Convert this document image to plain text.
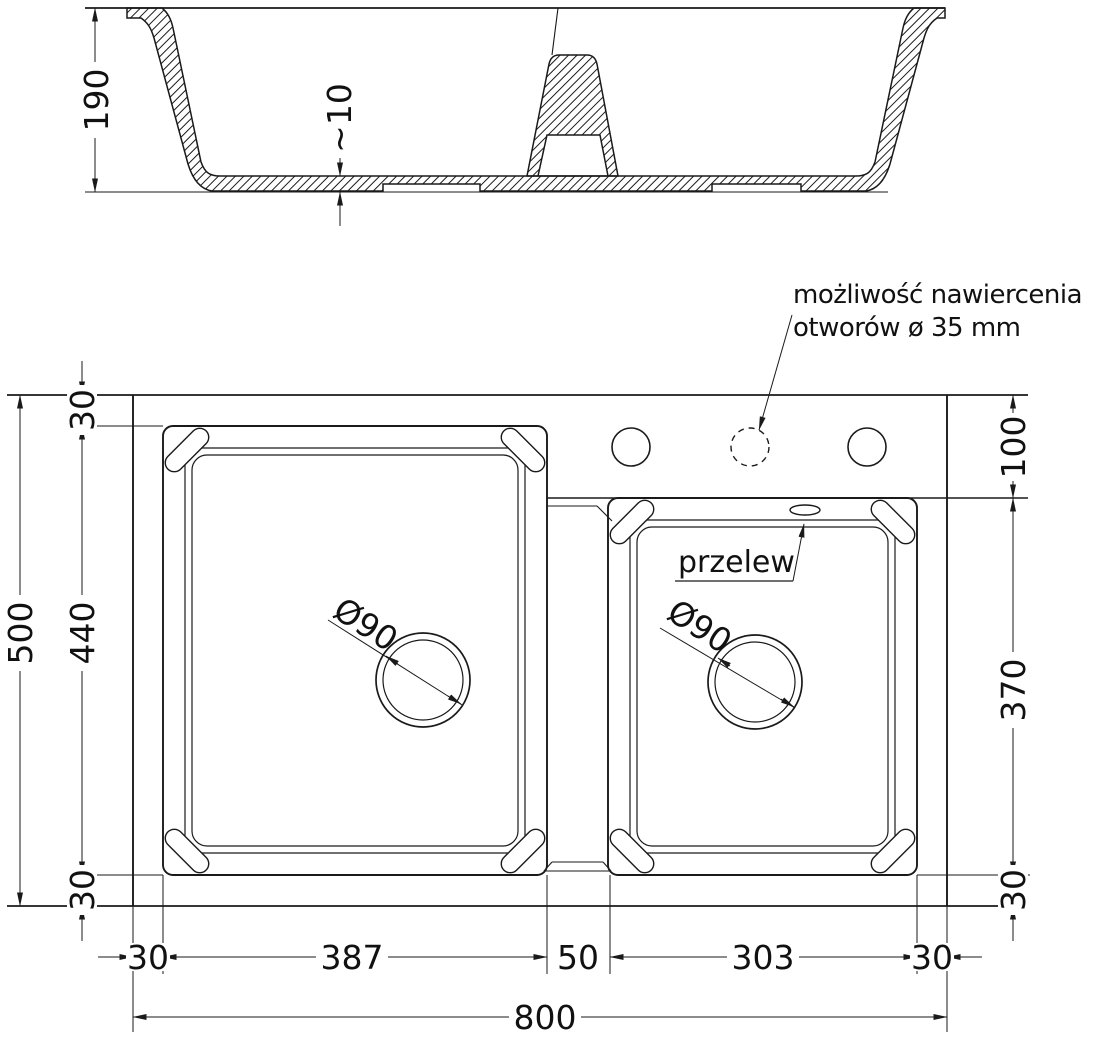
190	~10
500
30
440
30
100
370
30
30	387	50	303	30
800
Ø90	Ø90
możliwość nawiercenia
otworów ø 35 mm
przelew
